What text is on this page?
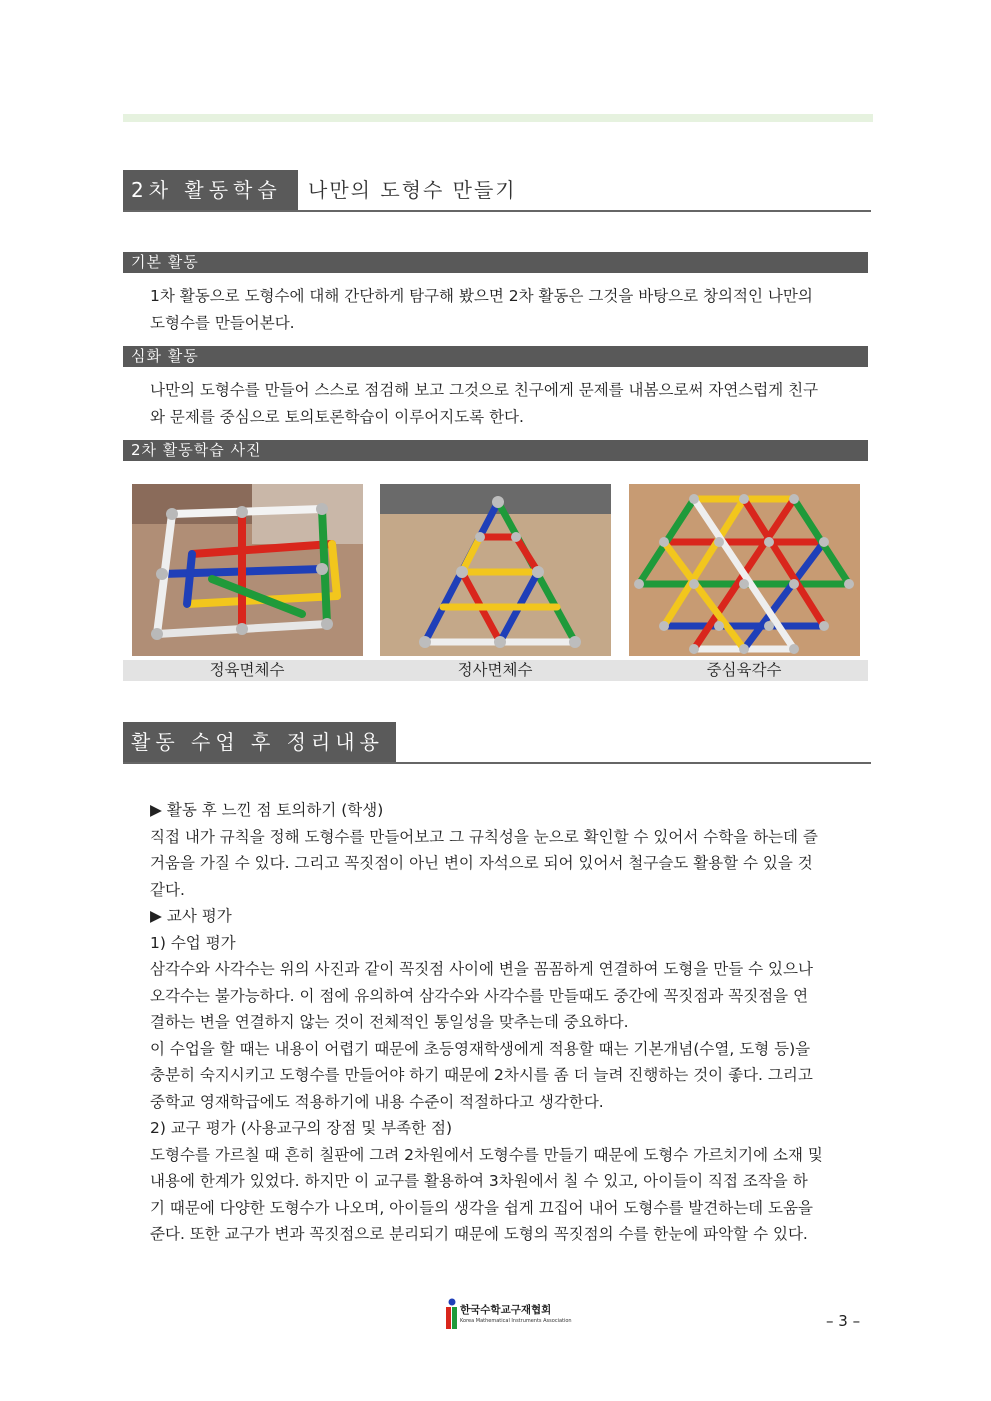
2차 활동학습	나만의 도형수 만들기
기본 활동
1차 활동으로 도형수에 대해 간단하게 탐구해 봤으면 2차 활동은 그것을 바탕으로 창의적인 나만의
도형수를 만들어본다.
심화 활동
나만의 도형수를 만들어 스스로 점검해 보고 그것으로 친구에게 문제를 내봄으로써 자연스럽게 친구
와 문제를 중심으로 토의토론학습이 이루어지도록 한다.
2차 활동학습 사진
정육면체수	정사면체수	중심육각수
활동 수업 후 정리내용
▶ 활동 후 느낀 점 토의하기 (학생)
직접 내가 규칙을 정해 도형수를 만들어보고 그 규칙성을 눈으로 확인할 수 있어서 수학을 하는데 즐
거움을 가질 수 있다. 그리고 꼭짓점이 아닌 변이 자석으로 되어 있어서 철구슬도 활용할 수 있을 것
같다.
▶ 교사 평가
1) 수업 평가
삼각수와 사각수는 위의 사진과 같이 꼭짓점 사이에 변을 꼼꼼하게 연결하여 도형을 만들 수 있으나
오각수는 불가능하다. 이 점에 유의하여 삼각수와 사각수를 만들때도 중간에 꼭짓점과 꼭짓점을 연
결하는 변을 연결하지 않는 것이 전체적인 통일성을 맞추는데 중요하다.
이 수업을 할 때는 내용이 어렵기 때문에 초등영재학생에게 적용할 때는 기본개념(수열, 도형 등)을
충분히 숙지시키고 도형수를 만들어야 하기 때문에 2차시를 좀 더 늘려 진행하는 것이 좋다. 그리고
중학교 영재학급에도 적용하기에 내용 수준이 적절하다고 생각한다.
2) 교구 평가 (사용교구의 장점 및 부족한 점)
도형수를 가르칠 때 흔히 칠판에 그려 2차원에서 도형수를 만들기 때문에 도형수 가르치기에 소재 및
내용에 한계가 있었다. 하지만 이 교구를 활용하여 3차원에서 칠 수 있고, 아이들이 직접 조작을 하
기 때문에 다양한 도형수가 나오며, 아이들의 생각을 쉽게 끄집어 내어 도형수를 발견하는데 도움을
준다. 또한 교구가 변과 꼭짓점으로 분리되기 때문에 도형의 꼭짓점의 수를 한눈에 파악할 수 있다.
한국수학교구재협회
Korea Mathematical Instruments Association	– 3 –
